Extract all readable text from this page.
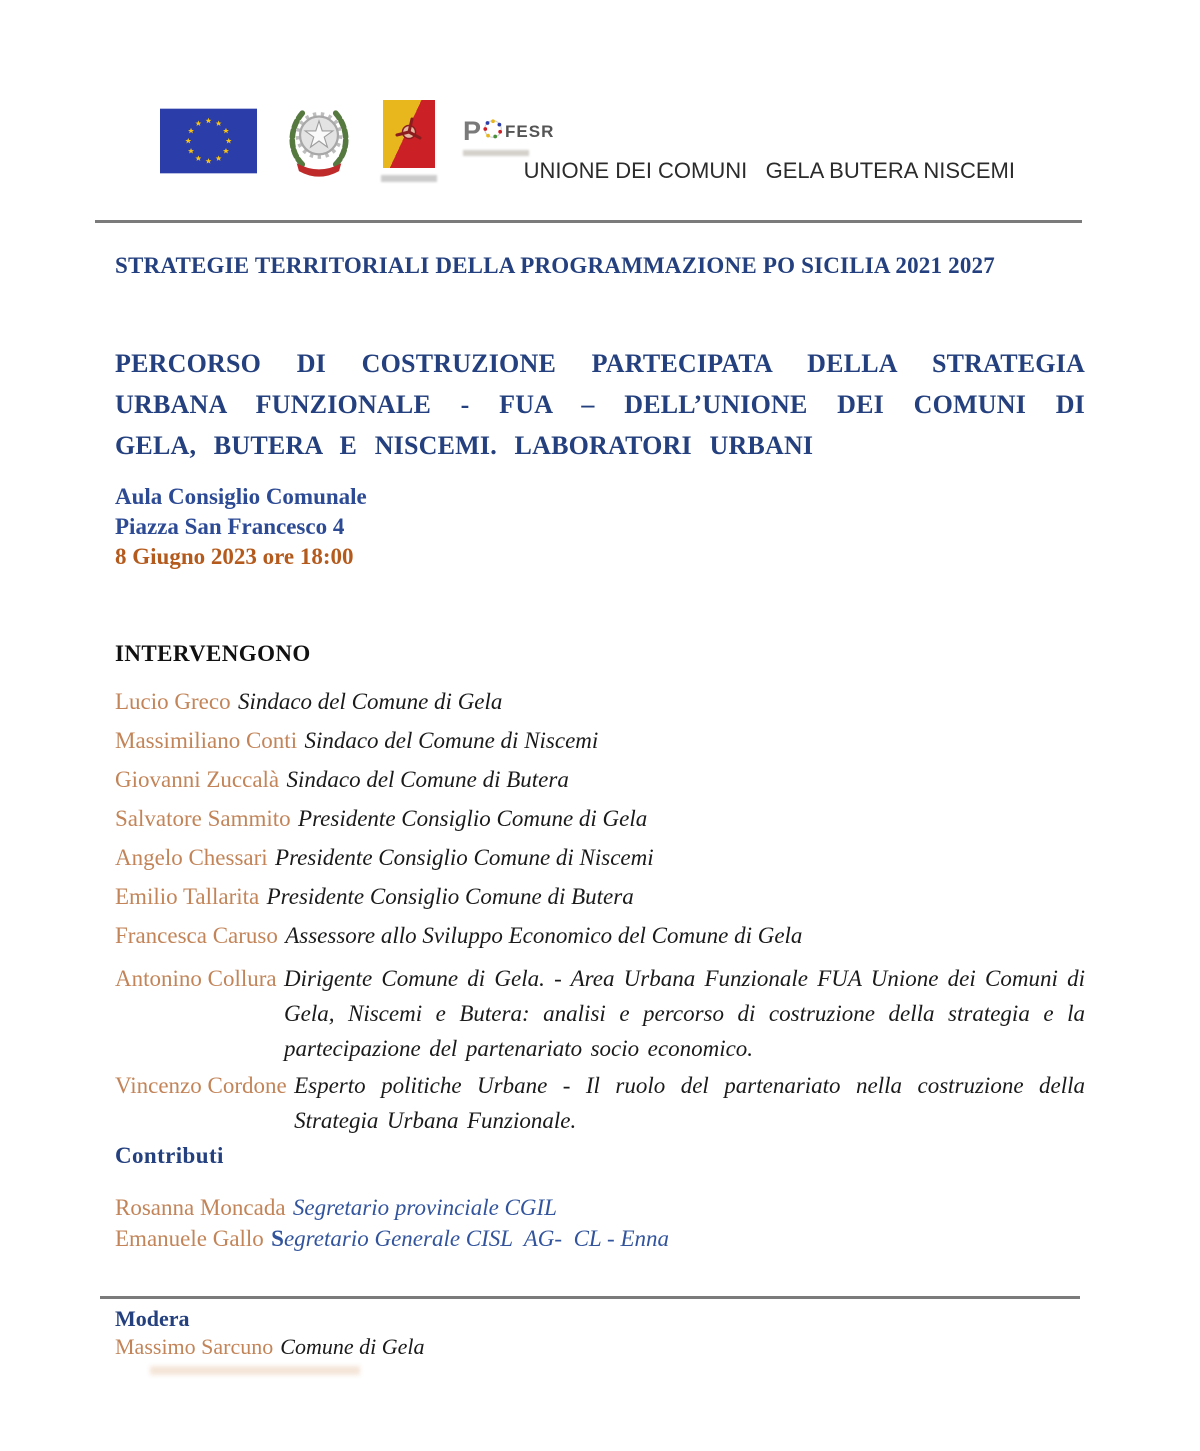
P FESR
UNIONE DEI COMUNI   GELA BUTERA NISCEMI
STRATEGIE TERRITORIALI DELLA PROGRAMMAZIONE PO SICILIA 2021 2027
PERCORSO DI COSTRUZIONE PARTECIPATA DELLA STRATEGIA URBANA FUNZIONALE - FUA – DELL’UNIONE DEI COMUNI DI GELA, BUTERA E NISCEMI. LABORATORI URBANI
Aula Consiglio Comunale
Piazza San Francesco 4
8 Giugno 2023 ore 18:00
INTERVENGONO
Lucio Greco Sindaco del Comune di Gela
Massimiliano Conti Sindaco del Comune di Niscemi
Giovanni Zuccalà Sindaco del Comune di Butera
Salvatore Sammito Presidente Consiglio Comune di Gela
Angelo Chessari Presidente Consiglio Comune di Niscemi
Emilio Tallarita Presidente Consiglio Comune di Butera
Francesca Caruso Assessore allo Sviluppo Economico del Comune di Gela
Antonino Collura Dirigente Comune di Gela. - Area Urbana Funzionale FUA Unione dei Comuni di Gela, Niscemi e Butera: analisi e percorso di costruzione della strategia e la partecipazione del partenariato socio economico.
Vincenzo Cordone Esperto politiche Urbane - Il ruolo del partenariato nella costruzione della Strategia Urbana Funzionale.
Contributi
Rosanna Moncada Segretario provinciale CGIL
Emanuele Gallo Segretario Generale CISL  AG-  CL - Enna
Modera
Massimo Sarcuno Comune di Gela
